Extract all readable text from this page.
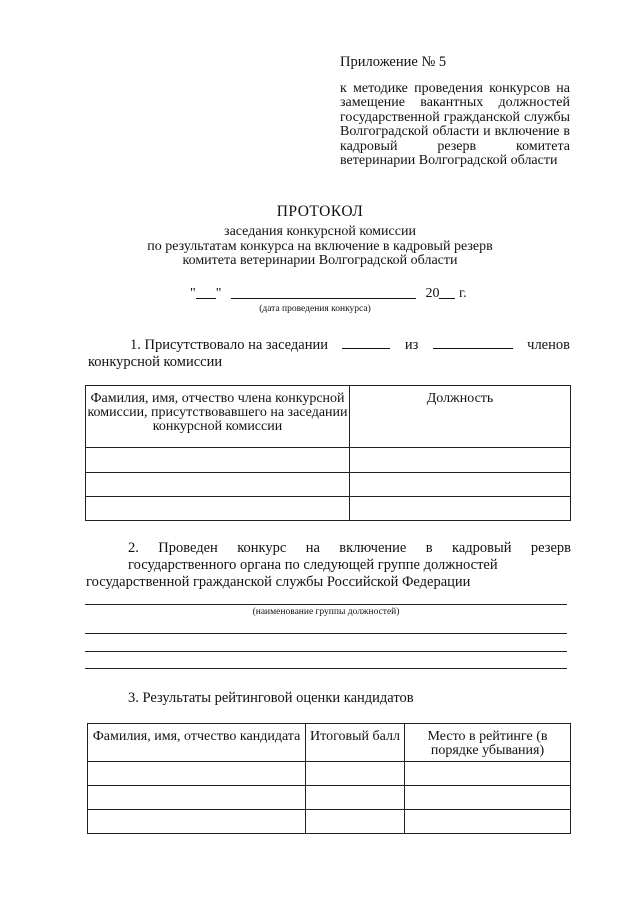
Приложение № 5
к методике проведения конкурсов на замещение вакантных должностей государственной гражданской службы Волгоградской области и включение в кадровый резерв комитета ветеринарии Волгоградской области
ПРОТОКОЛ
заседания конкурсной комиссии
по результатам конкурса на включение в кадровый резерв
комитета ветеринарии Волгоградской области
" "	20 г.
(дата проведения конкурса)
1. Присутствовало на заседании	из	членов
конкурсной комиссии
Фамилия, имя, отчество члена конкурсной комиссии, присутствовавшего на заседании конкурсной комиссии	Должность

2. Проведен конкурс на включение в кадровый резерв государственного органа по следующей группе должностей
государственной гражданской службы Российской Федерации
(наименование группы должностей)
3. Результаты рейтинговой оценки кандидатов
Фамилия, имя, отчество кандидата	Итоговый балл	Место в рейтинге (в порядке убывания)
